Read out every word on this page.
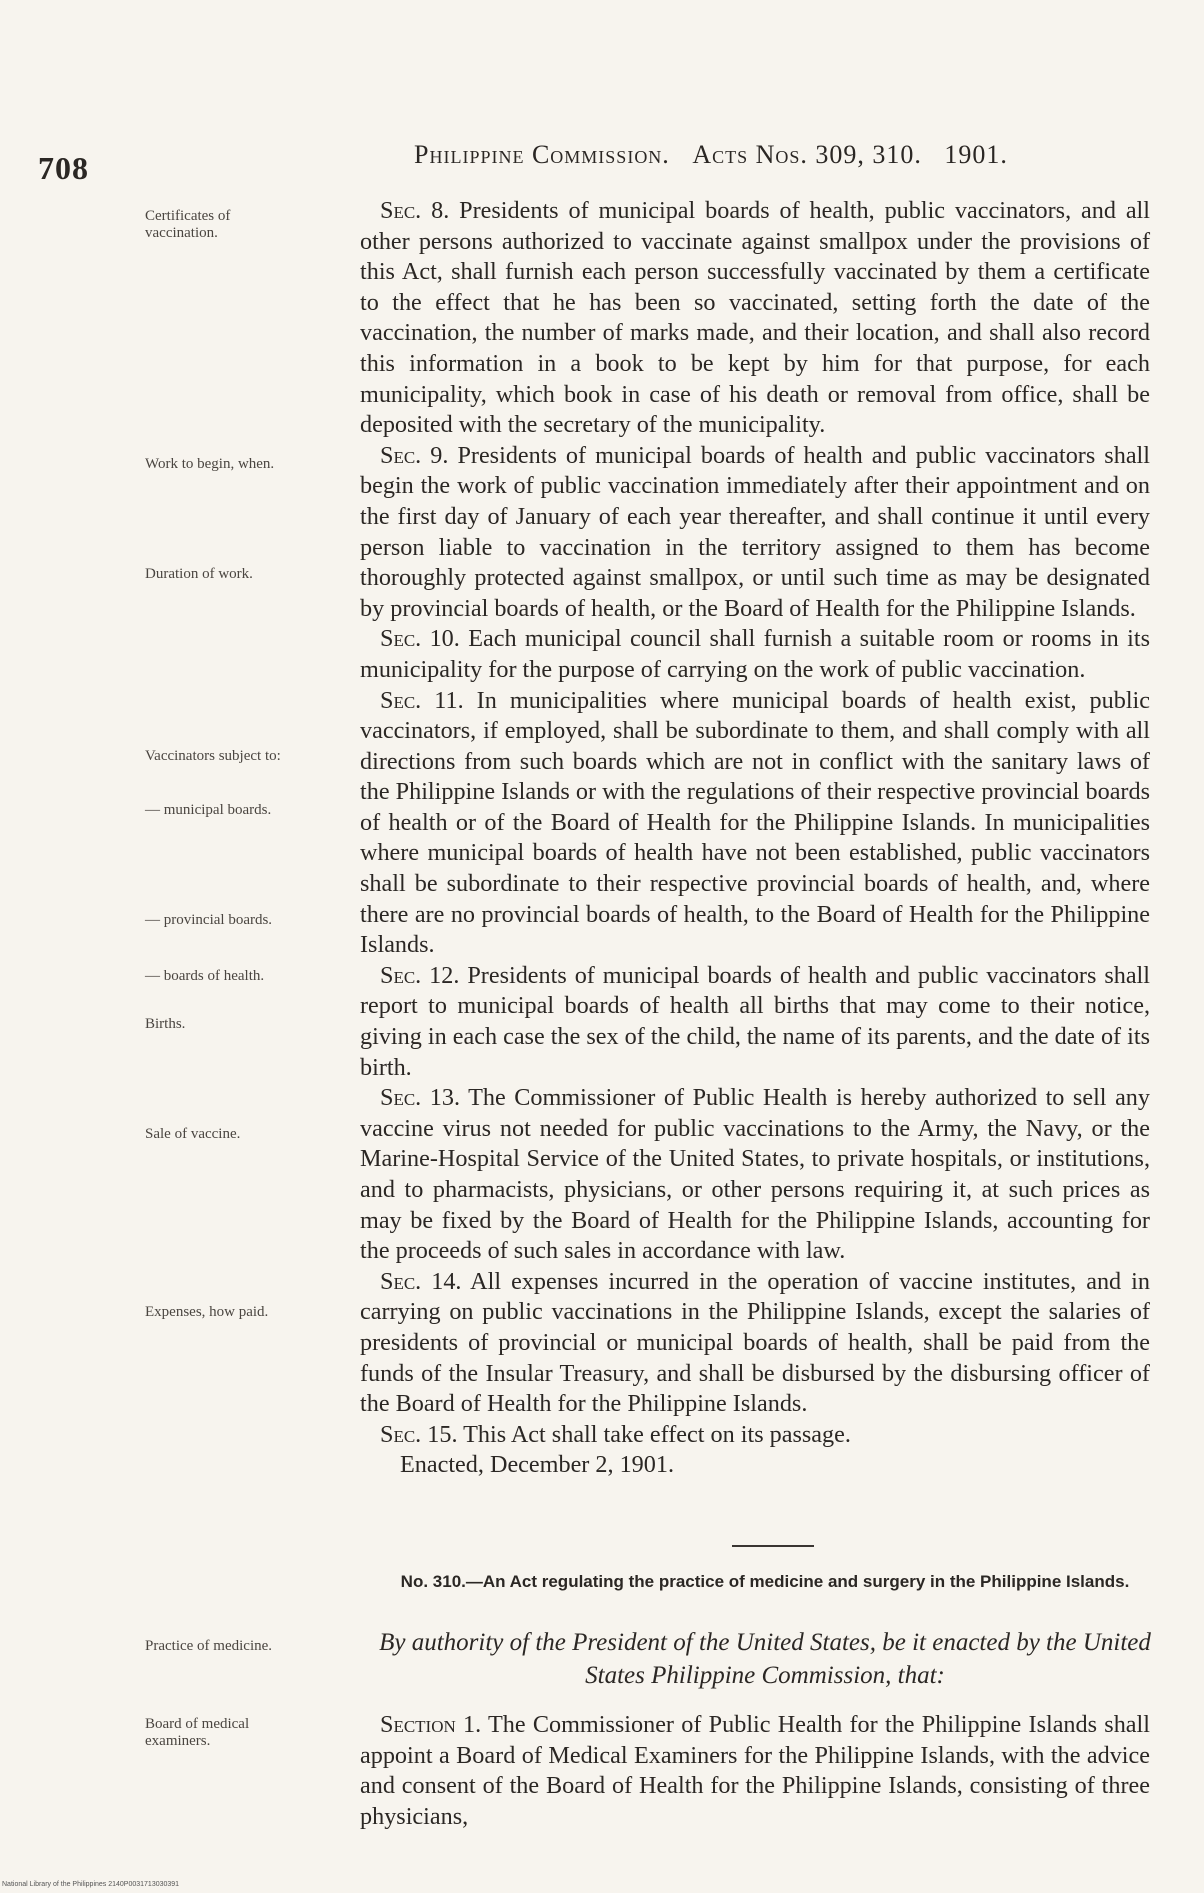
708	Philippine Commission. Acts Nos. 309, 310. 1901.
Certificates of vaccination.
Work to begin, when.
Duration of work.
Vaccinators subject to:
— municipal boards.
— provincial boards.
— boards of health.
Births.
Sale of vaccine.
Expenses, how paid.
Practice of medicine.
Board of medical examiners.

Sec. 8. Presidents of municipal boards of health, public vaccinators, and all other persons authorized to vaccinate against smallpox under the provisions of this Act, shall furnish each person successfully vaccinated by them a certificate to the effect that he has been so vaccinated, setting forth the date of the vaccination, the number of marks made, and their location, and shall also record this information in a book to be kept by him for that purpose, for each municipality, which book in case of his death or removal from office, shall be deposited with the secretary of the municipality.

Sec. 9. Presidents of municipal boards of health and public vaccinators shall begin the work of public vaccination immediately after their appointment and on the first day of January of each year thereafter, and shall continue it until every person liable to vaccination in the territory assigned to them has become thoroughly protected against smallpox, or until such time as may be designated by provincial boards of health, or the Board of Health for the Philippine Islands.

Sec. 10. Each municipal council shall furnish a suitable room or rooms in its municipality for the purpose of carrying on the work of public vaccination.

Sec. 11. In municipalities where municipal boards of health exist, public vaccinators, if employed, shall be subordinate to them, and shall comply with all directions from such boards which are not in conflict with the sanitary laws of the Philippine Islands or with the regulations of their respective provincial boards of health or of the Board of Health for the Philippine Islands. In municipalities where municipal boards of health have not been established, public vaccinators shall be subordinate to their respective provincial boards of health, and, where there are no provincial boards of health, to the Board of Health for the Philippine Islands.

Sec. 12. Presidents of municipal boards of health and public vaccinators shall report to municipal boards of health all births that may come to their notice, giving in each case the sex of the child, the name of its parents, and the date of its birth.

Sec. 13. The Commissioner of Public Health is hereby authorized to sell any vaccine virus not needed for public vaccinations to the Army, the Navy, or the Marine-Hospital Service of the United States, to private hospitals, or institutions, and to pharmacists, physicians, or other persons requiring it, at such prices as may be fixed by the Board of Health for the Philippine Islands, accounting for the proceeds of such sales in accordance with law.

Sec. 14. All expenses incurred in the operation of vaccine institutes, and in carrying on public vaccinations in the Philippine Islands, except the salaries of presidents of provincial or municipal boards of health, shall be paid from the funds of the Insular Treasury, and shall be disbursed by the disbursing officer of the Board of Health for the Philippine Islands.

Sec. 15. This Act shall take effect on its passage.

Enacted, December 2, 1901.

No. 310.—An Act regulating the practice of medicine and surgery in the Philippine Islands.
By authority of the President of the United States, be it enacted by the United States Philippine Commission, that:
Section 1. The Commissioner of Public Health for the Philippine Islands shall appoint a Board of Medical Examiners for the Philippine Islands, with the advice and consent of the Board of Health for the Philippine Islands, consisting of three physicians,
National Library of the Philippines 2140P0031713030391
